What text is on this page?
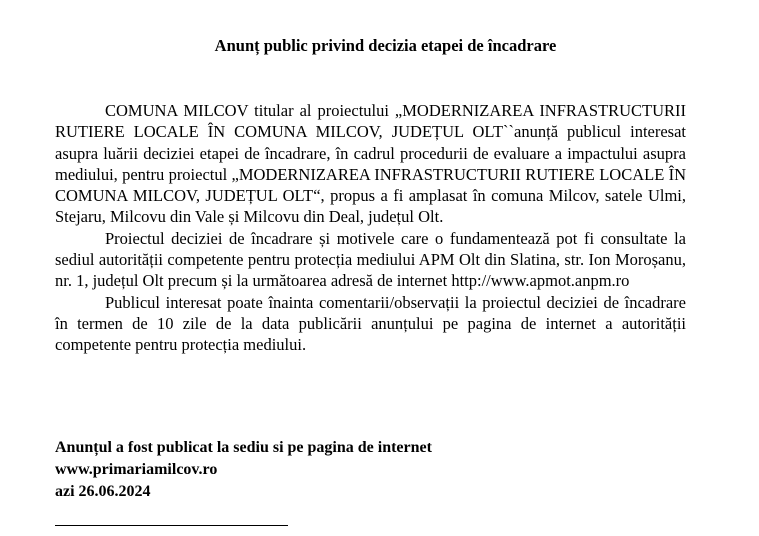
Anunț public privind decizia etapei de încadrare

COMUNA MILCOV titular al proiectului „MODERNIZAREA INFRASTRUCTURII RUTIERE LOCALE ÎN COMUNA MILCOV, JUDEȚUL OLT``anunță publicul interesat asupra luării deciziei etapei de încadrare, în cadrul procedurii de evaluare a impactului asupra mediului, pentru proiectul „MODERNIZAREA INFRASTRUCTURII RUTIERE LOCALE ÎN COMUNA MILCOV, JUDEȚUL OLT“, propus a fi amplasat în comuna Milcov, satele Ulmi, Stejaru, Milcovu din Vale și Milcovu din Deal, județul Olt.

Proiectul deciziei de încadrare și motivele care o fundamentează pot fi consultate la sediul autorității competente pentru protecția mediului APM Olt din Slatina, str. Ion Moroșanu, nr. 1, județul Olt precum și la următoarea adresă de internet http://www.apmot.anpm.ro

Publicul interesat poate înainta comentarii/observații la proiectul deciziei de încadrare în termen de 10 zile de la data publicării anunțului pe pagina de internet a autorității competente pentru protecția mediului.

Anunțul a fost publicat la sediu si pe pagina de internet
www.primariamilcov.ro
azi 26.06.2024
